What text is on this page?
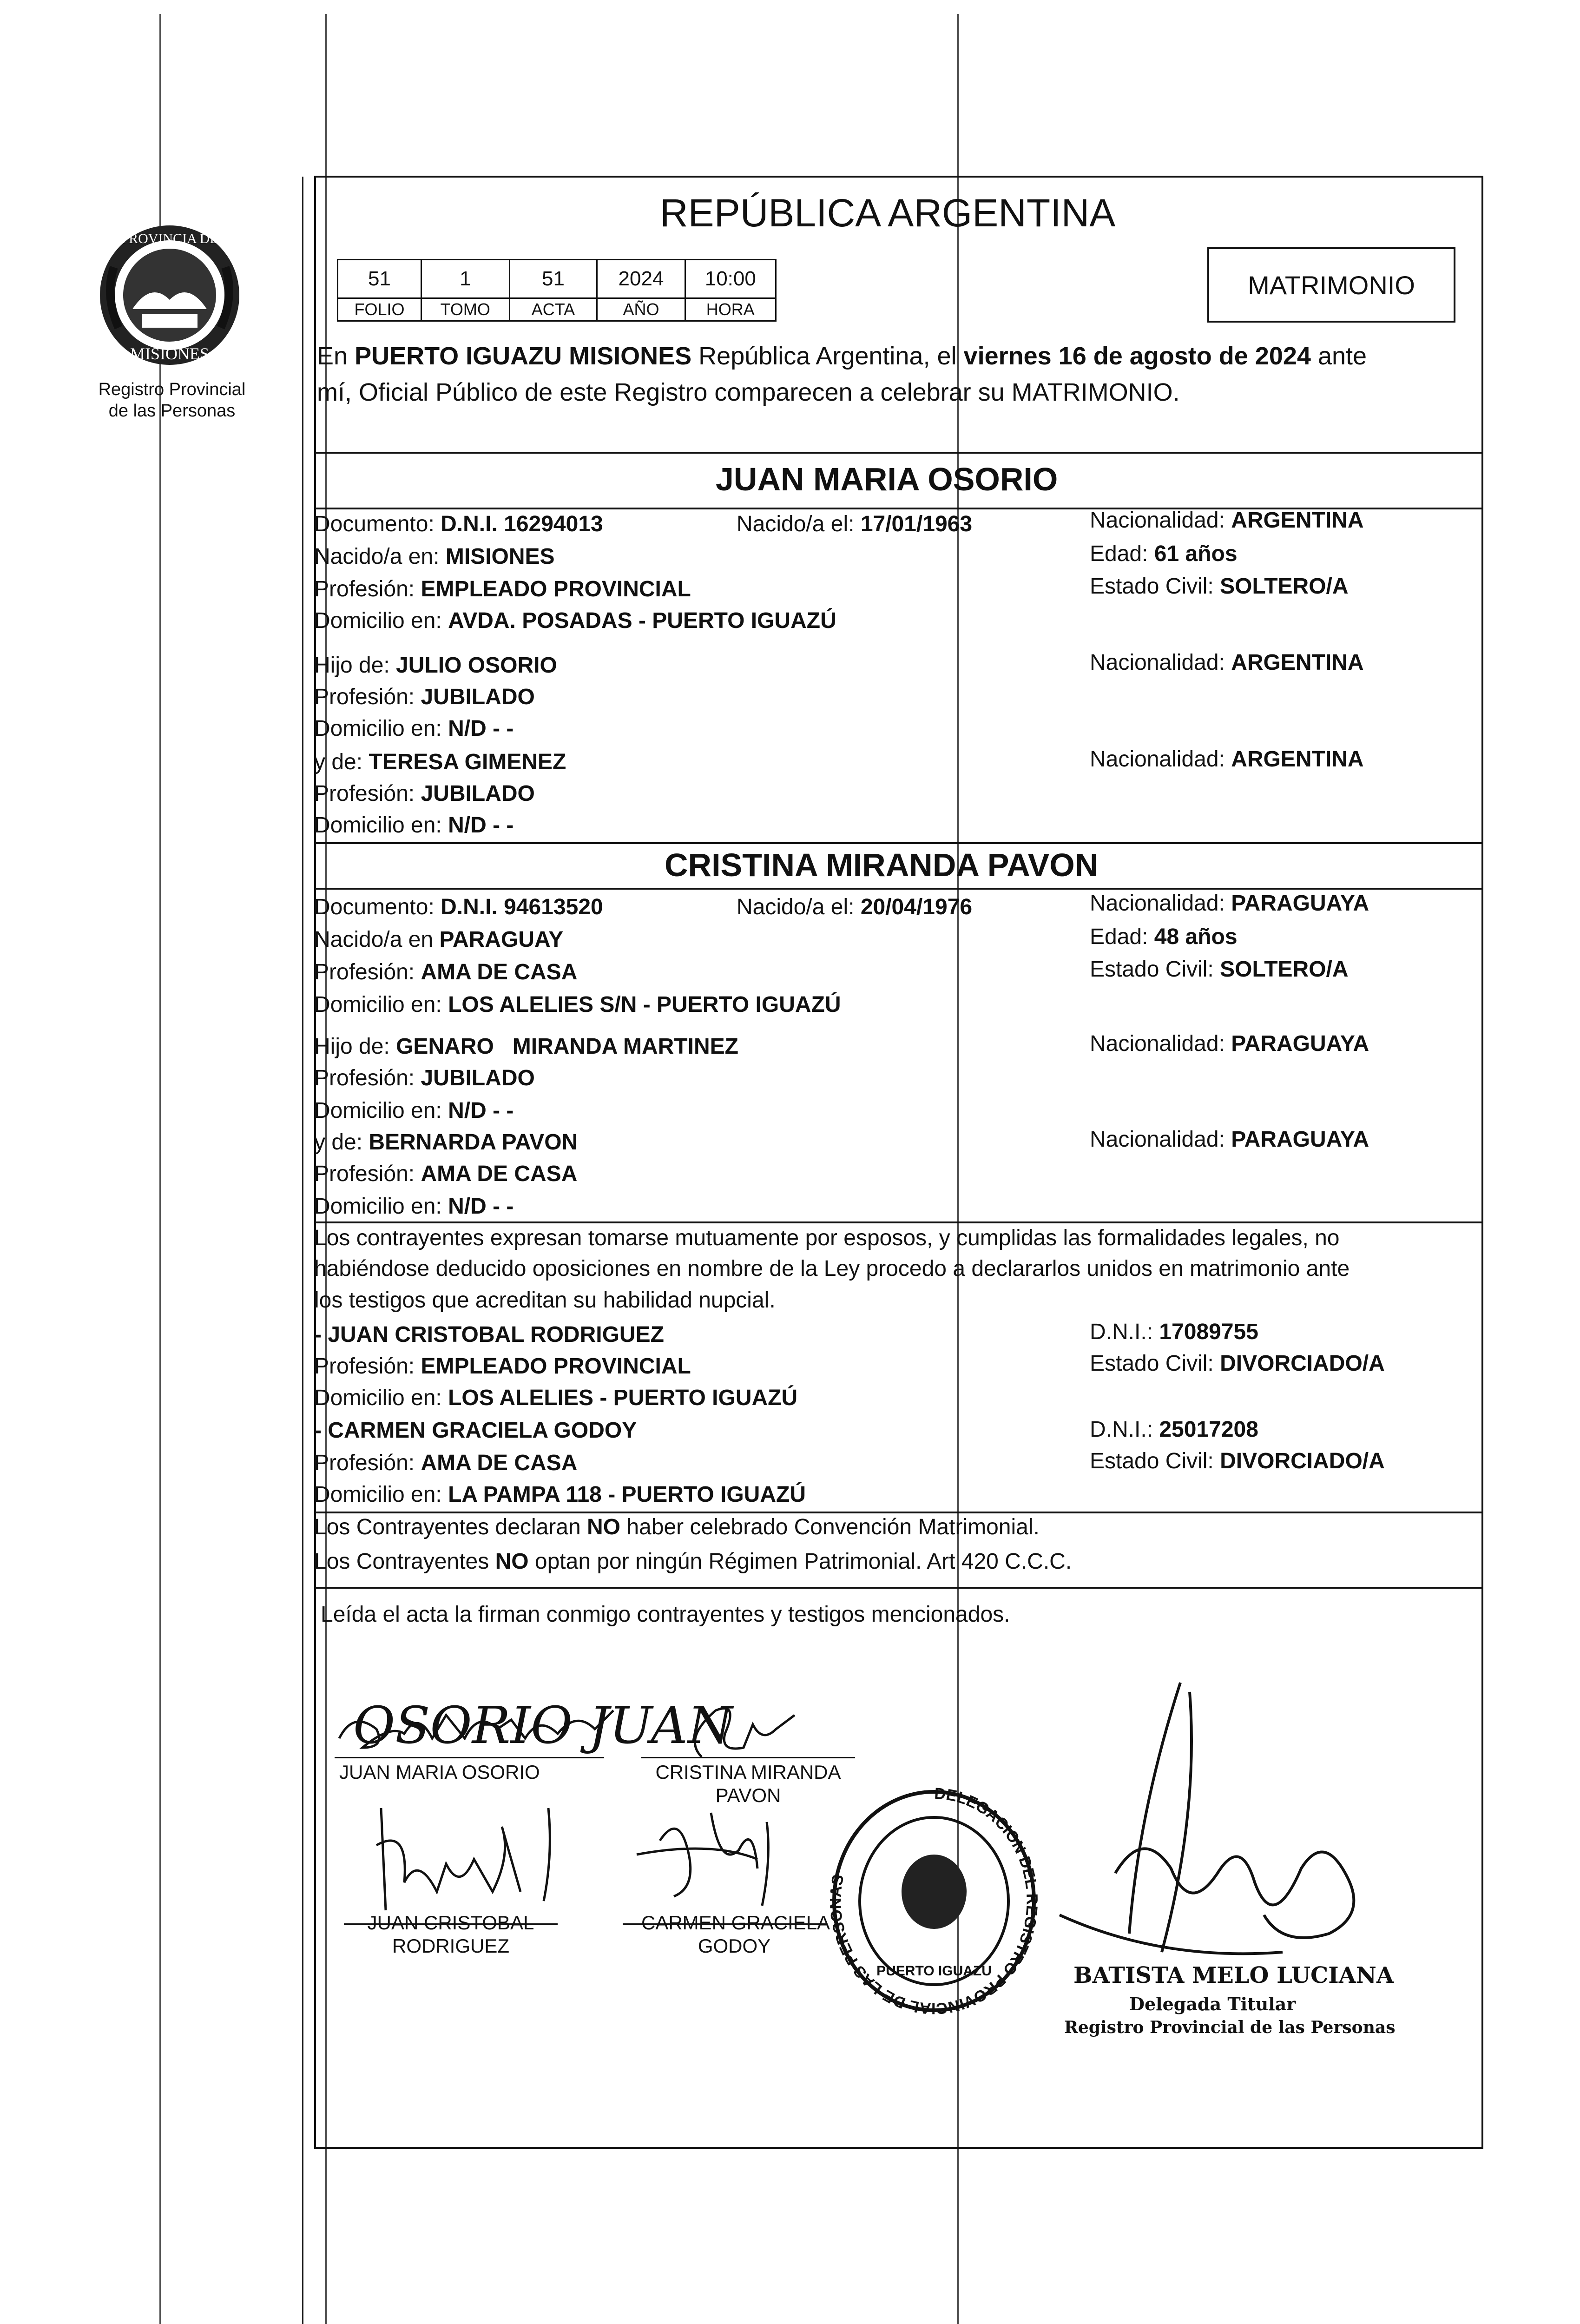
PROVINCIA DE
MISIONES
Registro Provincial
de las Personas
REPÚBLICA ARGENTINA
51	1	51	2024	10:00
FOLIO	TOMO	ACTA	AÑO	HORA
MATRIMONIO
En PUERTO IGUAZU MISIONES República Argentina, el viernes 16 de agosto de 2024 ante
mí, Oficial Público de este Registro comparecen a celebrar su MATRIMONIO.
JUAN MARIA OSORIO
Documento: D.N.I. 16294013	Nacido/a el: 17/01/1963	Nacionalidad: ARGENTINA
Nacido/a en: MISIONES	Edad: 61 años
Profesión: EMPLEADO PROVINCIAL	Estado Civil: SOLTERO/A
Domicilio en: AVDA. POSADAS - PUERTO IGUAZÚ
Hijo de: JULIO OSORIO	Nacionalidad: ARGENTINA
Profesión: JUBILADO
Domicilio en: N/D - -
y de: TERESA GIMENEZ	Nacionalidad: ARGENTINA
Profesión: JUBILADO
Domicilio en: N/D - -
CRISTINA MIRANDA PAVON
Documento: D.N.I. 94613520	Nacido/a el: 20/04/1976	Nacionalidad: PARAGUAYA
Nacido/a en PARAGUAY	Edad: 48 años
Profesión: AMA DE CASA	Estado Civil: SOLTERO/A
Domicilio en: LOS ALELIES S/N - PUERTO IGUAZÚ
Hijo de: GENARO   MIRANDA MARTINEZ	Nacionalidad: PARAGUAYA
Profesión: JUBILADO
Domicilio en: N/D - -
y de: BERNARDA PAVON	Nacionalidad: PARAGUAYA
Profesión: AMA DE CASA
Domicilio en: N/D - -
Los contrayentes expresan tomarse mutuamente por esposos, y cumplidas las formalidades legales, no
habiéndose deducido oposiciones en nombre de la Ley procedo a declararlos unidos en matrimonio ante
los testigos que acreditan su habilidad nupcial.
- JUAN CRISTOBAL RODRIGUEZ	D.N.I.: 17089755
Profesión: EMPLEADO PROVINCIAL	Estado Civil: DIVORCIADO/A
Domicilio en: LOS ALELIES - PUERTO IGUAZÚ
- CARMEN GRACIELA GODOY	D.N.I.: 25017208
Profesión: AMA DE CASA	Estado Civil: DIVORCIADO/A
Domicilio en: LA PAMPA 118 - PUERTO IGUAZÚ
Los Contrayentes declaran NO haber celebrado Convención Matrimonial.
Los Contrayentes NO optan por ningún Régimen Patrimonial. Art 420 C.C.C.
Leída el acta la firman conmigo contrayentes y testigos mencionados.
OSORIO JUAN
JUAN MARIA OSORIO	CRISTINA MIRANDA
PAVON
JUAN CRISTOBAL
RODRIGUEZ
CARMEN GRACIELA
GODOY
DELEGACION DEL REGISTRO PROVINCIAL DE LAS PERSONAS
PUERTO IGUAZU	BATISTA MELO LUCIANA
Delegada Titular
Registro Provincial de las Personas
